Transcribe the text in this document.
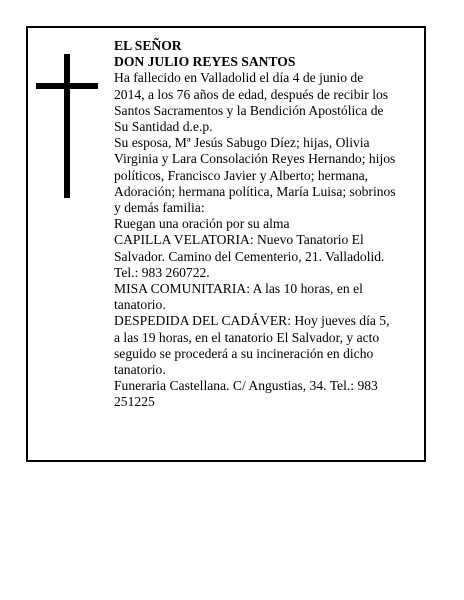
EL SEÑOR

DON JULIO REYES SANTOS

Ha fallecido en Valladolid el día 4 de junio de 2014, a los 76 años de edad, después de recibir los Santos Sacramentos y la Bendición Apostólica de Su Santidad d.e.p.

Su esposa, Mª Jesús Sabugo Díez; hijas, Olivia Virginia y Lara Consolación Reyes Hernando; hijos políticos, Francisco Javier y Alberto; hermana, Adoración; hermana política, María Luisa; sobrinos y demás familia:

Ruegan una oración por su alma

CAPILLA VELATORIA: Nuevo Tanatorio El Salvador. Camino del Cementerio, 21. Valladolid. Tel.: 983 260722.

MISA COMUNITARIA: A las 10 horas, en el tanatorio.

DESPEDIDA DEL CADÁVER: Hoy jueves día 5, a las 19 horas, en el tanatorio El Salvador, y acto seguido se procederá a su incineración en dicho tanatorio.

Funeraria Castellana. C/ Angustias, 34. Tel.: 983 251225
